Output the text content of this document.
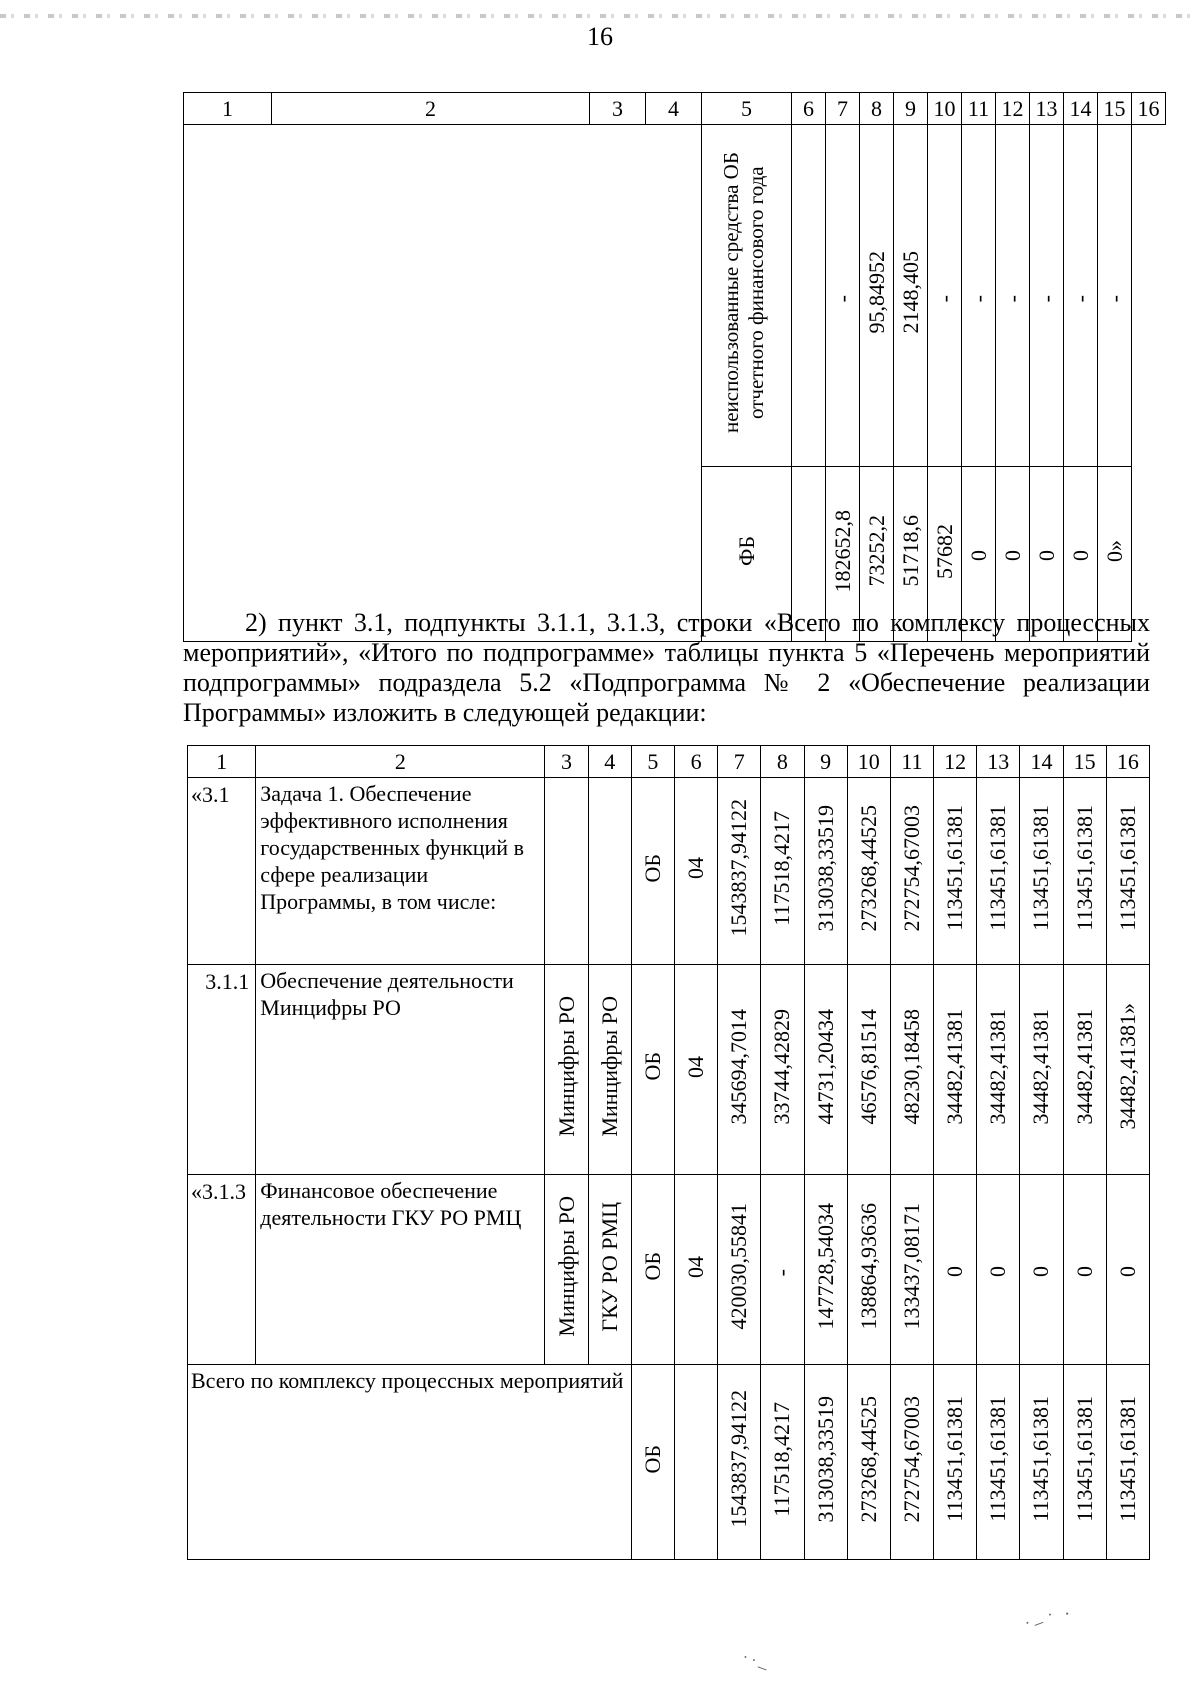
16
1	2	3	4	5	6	7	8	9	10	11	12	13	14	15	16
				неиспользованные средства ОБ отчетного финансового года		-	95,84952	2148,405	-	-	-	-	-	-	
				ФБ		182652,8	73252,2	51718,6	57682	0	0	0	0	0»	
2) пункт 3.1, подпункты 3.1.1, 3.1.3, строки «Всего по комплексу процессных мероприятий», «Итого по подпрограмме» таблицы пункта 5 «Перечень мероприятий подпрограммы» подраздела 5.2 «Подпрограмма № 2 «Обеспечение реализации Программы» изложить в следующей редакции:
1	2	3	4	5	6	7	8	9	10	11	12	13	14	15	16
«3.1	Задача 1. Обеспечение эффективного исполнения государственных функций в сфере реализации Программы, в том числе:			ОБ	04	1543837,94122	117518,4217	313038,33519	273268,44525	272754,67003	113451,61381	113451,61381	113451,61381	113451,61381	113451,61381
3.1.1	Обеспечение деятельности Минцифры РО	Минцифры РО	Минцифры РО	ОБ	04	345694,7014	33744,42829	44731,20434	46576,81514	48230,18458	34482,41381	34482,41381	34482,41381	34482,41381	34482,41381»
«3.1.3	Финансовое обеспечение деятельности ГКУ РО РМЦ	Минцифры РО	ГКУ РО РМЦ	ОБ	04	420030,55841	-	147728,54034	138864,93636	133437,08171	0	0	0	0	0
Всего по комплексу процессных мероприятий				ОБ		1543837,94122	117518,4217	313038,33519	273268,44525	272754,67003	113451,61381	113451,61381	113451,61381	113451,61381	113451,61381
˙˙ ̶
˙ ̶ ˙ ·
